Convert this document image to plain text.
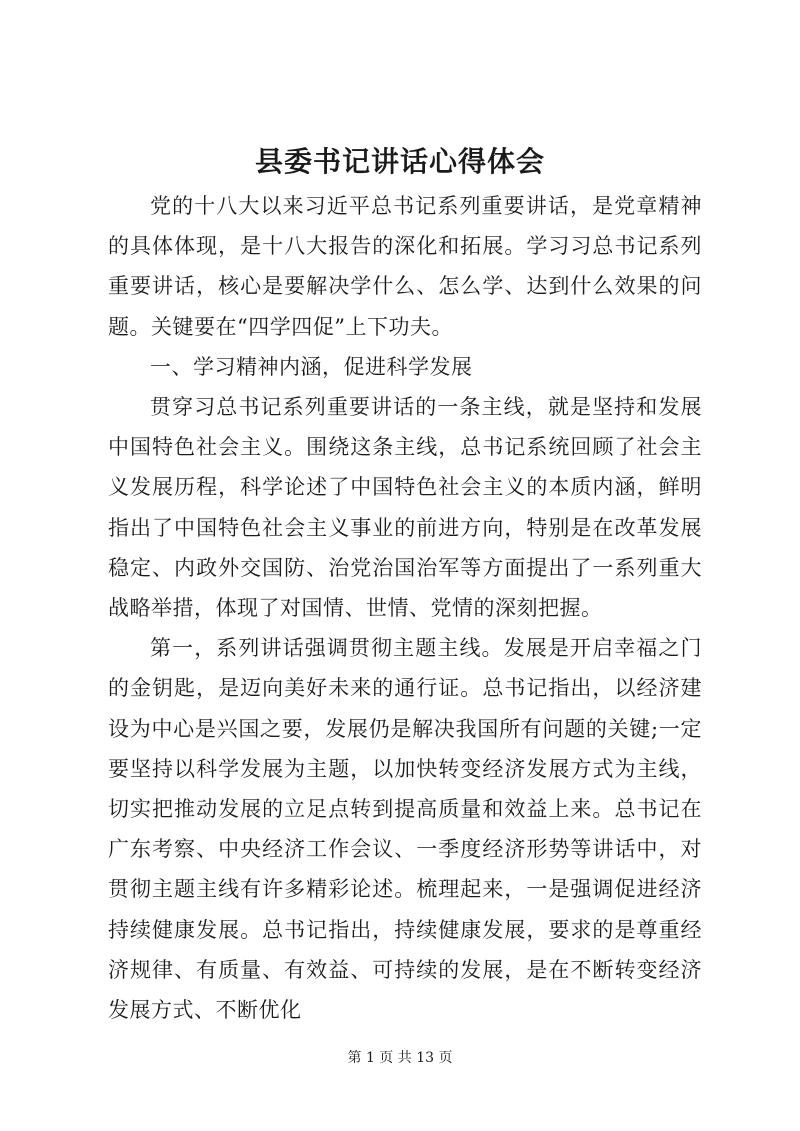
县委书记讲话心得体会

党的十八大以来习近平总书记系列重要讲话，是党章精神的具体体现，是十八大报告的深化和拓展。学习习总书记系列重要讲话，核心是要解决学什么、怎么学、达到什么效果的问题。关键要在“四学四促”上下功夫。

一、学习精神内涵，促进科学发展

贯穿习总书记系列重要讲话的一条主线，就是坚持和发展中国特色社会主义。围绕这条主线，总书记系统回顾了社会主义发展历程，科学论述了中国特色社会主义的本质内涵，鲜明指出了中国特色社会主义事业的前进方向，特别是在改革发展稳定、内政外交国防、治党治国治军等方面提出了一系列重大战略举措，体现了对国情、世情、党情的深刻把握。

第一，系列讲话强调贯彻主题主线。发展是开启幸福之门的金钥匙，是迈向美好未来的通行证。总书记指出，以经济建设为中心是兴国之要，发展仍是解决我国所有问题的关键;一定要坚持以科学发展为主题，以加快转变经济发展方式为主线，切实把推动发展的立足点转到提高质量和效益上来。总书记在广东考察、中央经济工作会议、一季度经济形势等讲话中，对贯彻主题主线有许多精彩论述。梳理起来，一是强调促进经济持续健康发展。总书记指出，持续健康发展，要求的是尊重经济规律、有质量、有效益、可持续的发展，是在不断转变经济发展方式、不断优化

第 1 页 共 13 页
